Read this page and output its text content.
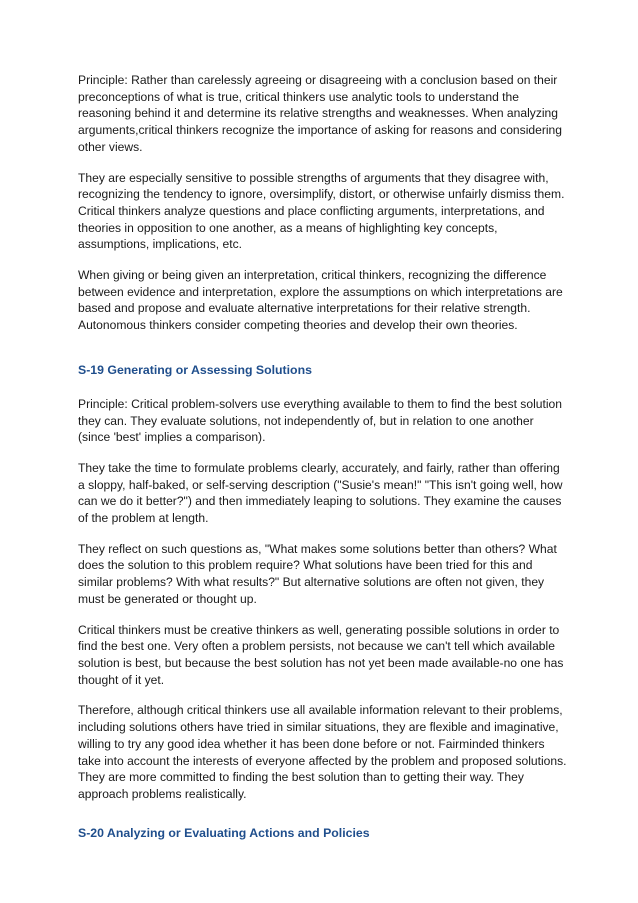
Principle: Rather than carelessly agreeing or disagreeing with a conclusion based on their preconceptions of what is true, critical thinkers use analytic tools to understand the reasoning behind it and determine its relative strengths and weaknesses. When analyzing arguments,critical thinkers recognize the importance of asking for reasons and considering other views.

They are especially sensitive to possible strengths of arguments that they disagree with, recognizing the tendency to ignore, oversimplify, distort, or otherwise unfairly dismiss them. Critical thinkers analyze questions and place conflicting arguments, interpretations, and theories in opposition to one another, as a means of highlighting key concepts, assumptions, implications, etc.

When giving or being given an interpretation, critical thinkers, recognizing the difference between evidence and interpretation, explore the assumptions on which interpretations are based and propose and evaluate alternative interpretations for their relative strength. Autonomous thinkers consider competing theories and develop their own theories.

S-19 Generating or Assessing Solutions

Principle: Critical problem-solvers use everything available to them to find the best solution they can. They evaluate solutions, not independently of, but in relation to one another (since 'best' implies a comparison).

They take the time to formulate problems clearly, accurately, and fairly, rather than offering a sloppy, half-baked, or self-serving description ("Susie's mean!" "This isn't going well, how can we do it better?") and then immediately leaping to solutions. They examine the causes of the problem at length.

They reflect on such questions as, "What makes some solutions better than others? What does the solution to this problem require? What solutions have been tried for this and similar problems? With what results?" But alternative solutions are often not given, they must be generated or thought up.

Critical thinkers must be creative thinkers as well, generating possible solutions in order to find the best one. Very often a problem persists, not because we can't tell which available solution is best, but because the best solution has not yet been made available-no one has thought of it yet.

Therefore, although critical thinkers use all available information relevant to their problems, including solutions others have tried in similar situations, they are flexible and imaginative, willing to try any good idea whether it has been done before or not. Fairminded thinkers take into account the interests of everyone affected by the problem and proposed solutions. They are more committed to finding the best solution than to getting their way. They approach problems realistically.

S-20 Analyzing or Evaluating Actions and Policies
